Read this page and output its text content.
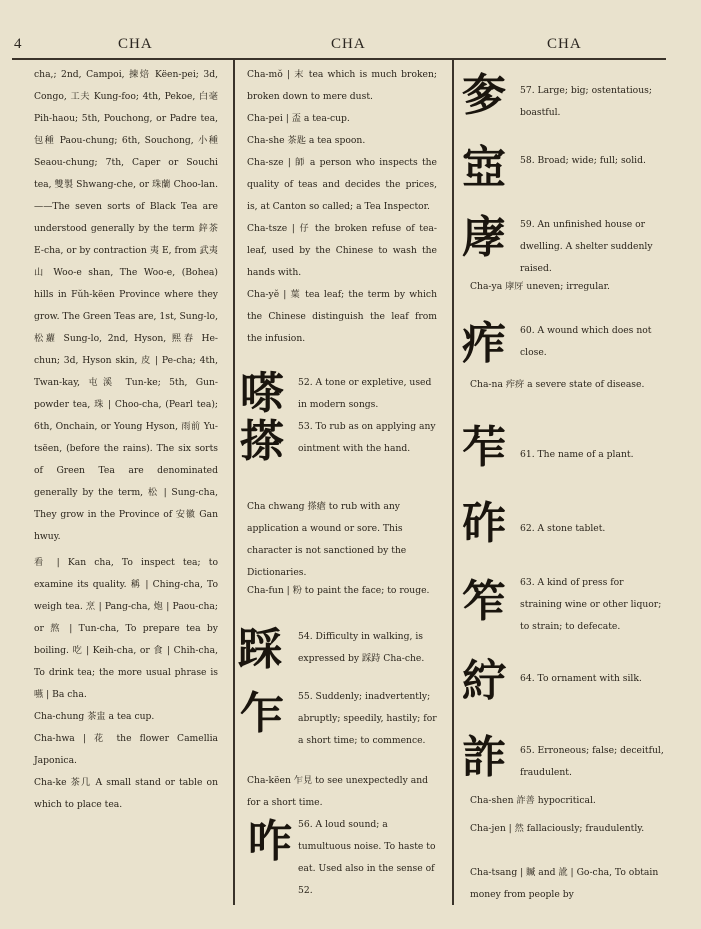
4	CHA	CHA	CHA

cha,; 2nd, Campoi, 揀焙 Këen-pei; 3d, Congo, 工夫 Kung-foo; 4th, Pekoe, 白毫 Pih-haou; 5th, Pouchong, or Padre tea, 包種 Paou-chung; 6th, Souchong, 小種 Seaou-chung; 7th, Caper or Souchi tea, 雙製 Shwang-che, or 珠蘭 Choo-lan.——The seven sorts of Black Tea are understood generally by the term 鋅茶 E-cha, or by contraction 夷 E, from 武夷山 Woo-e shan, The Woo-e, (Bohea) hills in Fŭh-këen Province where they grow. The Green Teas are, 1st, Sung-lo, 松蘿 Sung-lo, 2nd, Hyson, 熙春 He-chun; 3d, Hyson skin, 皮 | Pe-cha; 4th, Twan-kay, 屯溪 Tun-ke; 5th, Gun-powder tea, 珠 | Choo-cha, (Pearl tea); 6th, Onchain, or Young Hyson, 雨前 Yu-tsëen, (before the rains). The six sorts of Green Tea are denominated generally by the term, 松 | Sung-cha, They grow in the Province of 安徽 Gan hwuy.

看 | Kan cha, To inspect tea; to examine its quality. 稱 | Ching-cha, To weigh tea. 烹 | Pang-cha, 炮 | Paou-cha; or 熬 | Tun-cha, To prepare tea by boiling. 吃 | Keih-cha, or 食 | Chih-cha, To drink tea; the more usual phrase is 嚥 | Ba cha.

Cha-chung 茶盅 a tea cup.

Cha-hwa | 花 the flower Camellia Japonica.

Cha-ke 茶几 A small stand or table on which to place tea.

Cha-mŏ | 末 tea which is much broken; broken down to mere dust.

Cha-pei | 盃 a tea-cup.

Cha-she 茶匙 a tea spoon.

Cha-sze | 師 a person who inspects the quality of teas and decides the prices, is, at Canton so called; a Tea Inspector.

Cha-tsze | 仔 the broken refuse of tea-leaf, used by the Chinese to wash the hands with.

Cha-yĕ | 葉 tea leaf; the term by which the Chinese distinguish the leaf from the infusion.

嗏 52. A tone or expletive, used in modern songs.
搽 53. To rub as on applying any ointment with the hand.
Cha chwang 搽瘡 to rub with any application a wound or sore. This character is not sanctioned by the Dictionaries.
Cha-fun | 粉 to paint the face; to rouge.
踩 54. Difficulty in walking, is expressed by 踩跱 Cha-che.
乍 55. Suddenly; inadvertently; abruptly; speedily, hastily; for a short time; to commence.
Cha-këen 乍見 to see unexpectedly and for a short time.
咋 56. A loud sound; a tumultuous noise. To haste to eat. Used also in the sense of 52.
奓 57. Large; big; ostentatious; boastful.
㝞 58. Broad; wide; full; solid.
庨 59. An unfinished house or dwelling. A shelter suddenly raised.
Cha-ya 庨厊 uneven; irregular.
痄 60. A wound which does not close.
Cha-na 痄疨 a severe state of disease.
苲 61. The name of a plant.
砟 62. A stone tablet.
笮 63. A kind of press for straining wine or other liquor; to strain; to defecate.
紵 64. To ornament with silk.
詐 65. Erroneous; false; deceitful, fraudulent.
Cha-shen 詐善 hypocritical.
Cha-jen | 然 fallaciously; fraudulently.
Cha-tsang | 贓 and 訛 | Go-cha, To obtain money from people by
